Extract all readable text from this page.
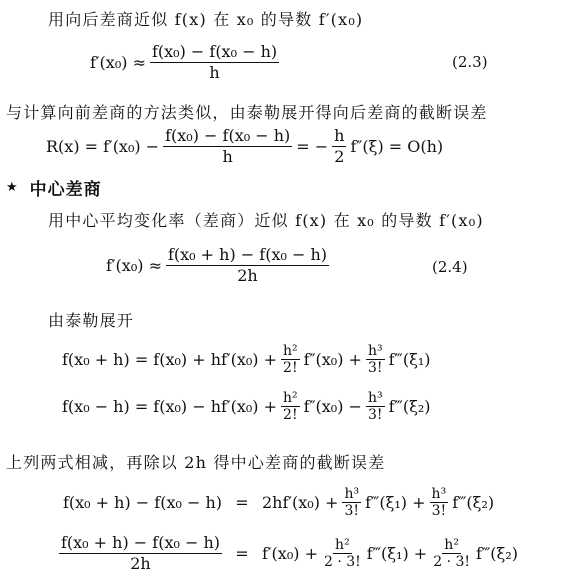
用向后差商近似 f(x) 在 x₀ 的导数 f′(x₀)
$f'(x_0) \approx \frac{\text{f(x₀) − f(x₀ − h)}}{h}$	(2.3)
与计算向前差商的方法类似，由泰勒展开得向后差商的截断误差
$R(x) = f'(x_0) - \frac{\text{f(x₀) − f(x₀ − h)}}{h}$ = − $\frac{h}{2} f''(\xi) = O(h)$
★ 中心差商
用中心平均变化率（差商）近似 f(x) 在 x₀ 的导数 f′(x₀)
$f'(x_0) \approx \frac{\text{f(x₀ + h) − f(x₀ − h)}}{2h}$	(2.4)
由泰勒展开
$f(x_0 + h) = f(x_0) + hf'(x_0) + \frac{\text{h²}}{2!} f''(x_0) + \frac{\text{h³}}{3!}$ f‴(ξ₁)
$f(x_0 - h) = f(x_0) - hf'(x_0) + \frac{\text{h²}}{2!} f''(x_0) - \frac{\text{h³}}{3!}$ f‴(ξ₂)
上列两式相减，再除以 2h 得中心差商的截断误差
$f(x_0 + h) - f(x_0 - h) = 2hf'(x_0) + \frac{\text{h³}}{3!}$ f‴(ξ₁) + $\frac{\text{h³}}{3!}$ f‴(ξ₂)
$\frac{\text{f(x₀ + h) − f(x₀ − h)}}{2h} = f'(x_0) + \frac{\text{h²}}{2 \cdot 3!}$ f‴(ξ₁) + $\frac{\text{h²}}{2 \cdot 3!}$ f‴(ξ₂)
